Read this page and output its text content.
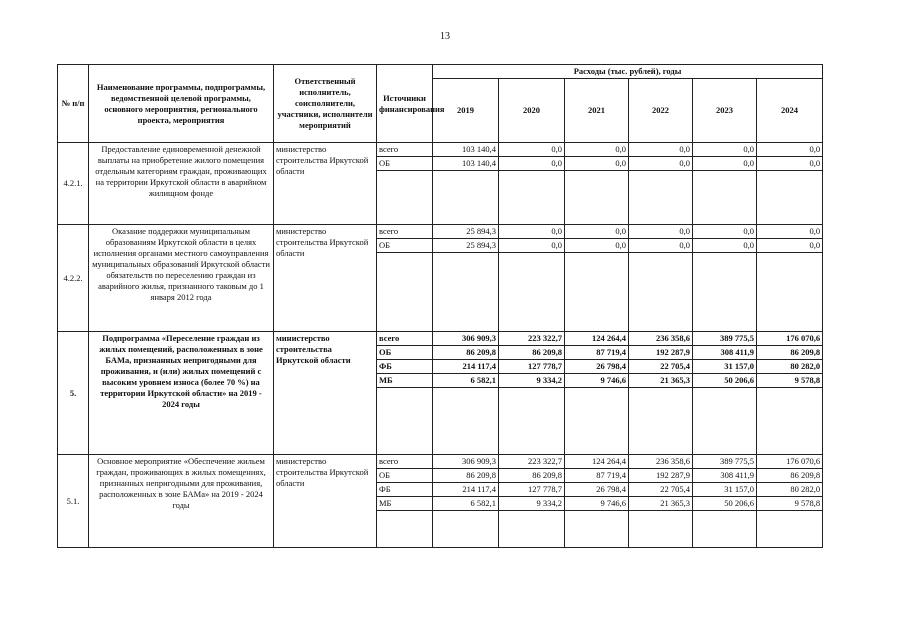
13
№ п/п	Наименование программы, подпрограммы, ведомственной целевой программы, основного мероприятия, регионального проекта, мероприятия	Ответственный исполнитель, соисполнители, участники, исполнители мероприятий	Источники финансирования	Расходы (тыс. рублей), годы					
				2019	2020	2021	2022	2023	2024
4.2.1.	Предоставление единовременной денежной выплаты на приобретение жилого помещения отдельным категориям граждан, проживающих на территории Иркутской области в аварийном жилищном фонде	министерство строительства Иркутской области	всего	103 140,4	0,0	0,0	0,0	0,0	0,0
			ОБ	103 140,4	0,0	0,0	0,0	0,0	0,0

4.2.2.	Оказание поддержки муниципальным образованиям Иркутской области в целях исполнения органами местного самоуправления муниципальных образований Иркутской области обязательств по переселению граждан из аварийного жилья, признанного таковым до 1 января 2012 года	министерство строительства Иркутской области	всего	25 894,3	0,0	0,0	0,0	0,0	0,0
			ОБ	25 894,3	0,0	0,0	0,0	0,0	0,0

5.	Подпрограмма «Переселение граждан из жилых помещений, расположенных в зоне БАМа, признанных непригодными для проживания, и (или) жилых помещений с высоким уровнем износа (более 70 %) на территории Иркутской области» на 2019 - 2024 годы	министерство строительства Иркутской области	всего	306 909,3	223 322,7	124 264,4	236 358,6	389 775,5	176 070,6
			ОБ	86 209,8	86 209,8	87 719,4	192 287,9	308 411,9	86 209,8
			ФБ	214 117,4	127 778,7	26 798,4	22 705,4	31 157,0	80 282,0
			МБ	6 582,1	9 334,2	9 746,6	21 365,3	50 206,6	9 578,8

5.1.	Основное мероприятие «Обеспечение жильем граждан, проживающих в жилых помещениях, признанных непригодными для проживания, расположенных в зоне БАМа» на 2019 - 2024 годы	министерство строительства Иркутской области	всего	306 909,3	223 322,7	124 264,4	236 358,6	389 775,5	176 070,6
			ОБ	86 209,8	86 209,8	87 719,4	192 287,9	308 411,9	86 209,8
			ФБ	214 117,4	127 778,7	26 798,4	22 705,4	31 157,0	80 282,0
			МБ	6 582,1	9 334,2	9 746,6	21 365,3	50 206,6	9 578,8
